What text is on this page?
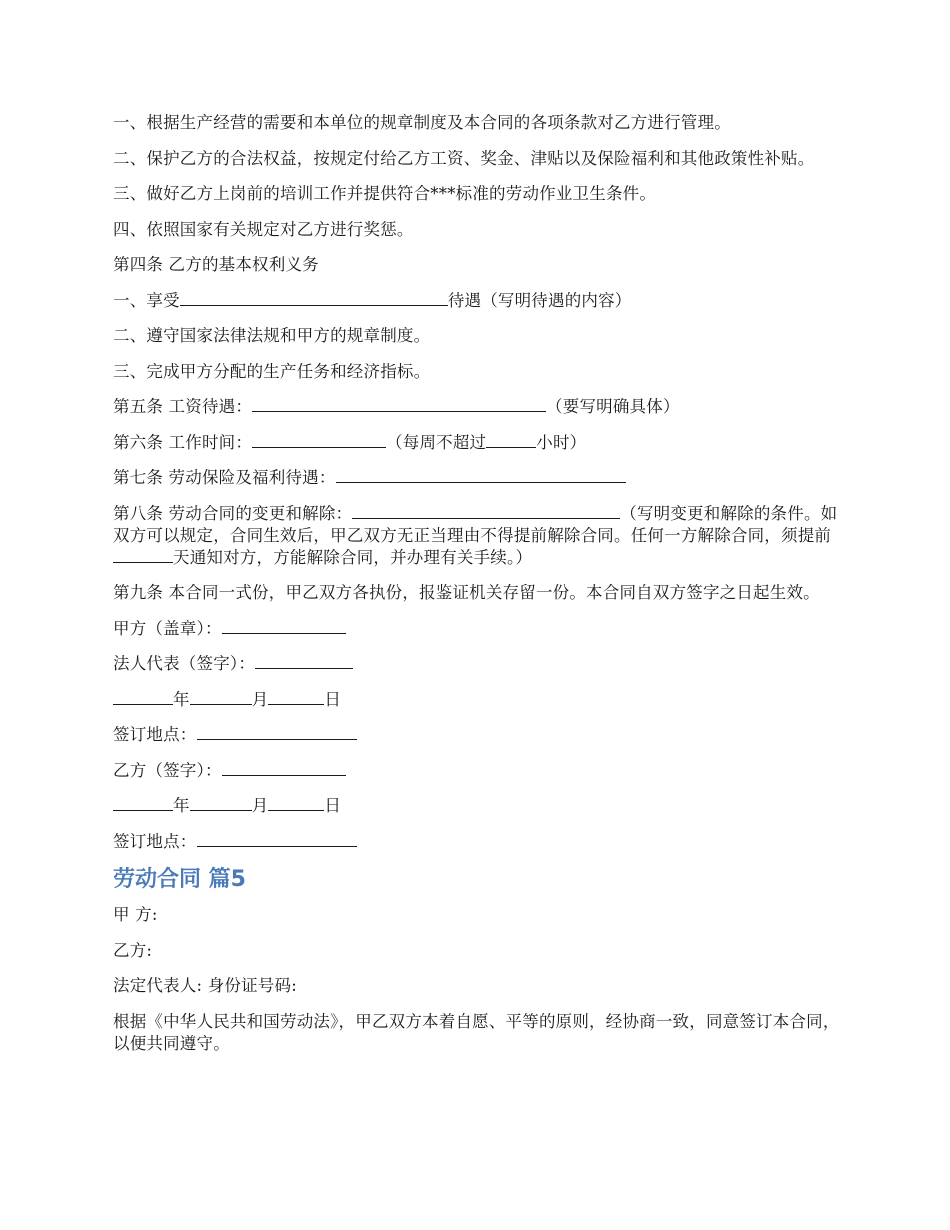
一、根据生产经营的需要和本单位的规章制度及本合同的各项条款对乙方进行管理。

二、保护乙方的合法权益，按规定付给乙方工资、奖金、津贴以及保险福利和其他政策性补贴。

三、做好乙方上岗前的培训工作并提供符合***标准的劳动作业卫生条件。

四、依照国家有关规定对乙方进行奖惩。

第四条 乙方的基本权利义务

一、享受	待遇（写明待遇的内容）

二、遵守国家法律法规和甲方的规章制度。

三、完成甲方分配的生产任务和经济指标。

第五条 工资待遇：	（要写明确具体）

第六条 工作时间：	（每周不超过	小时）

第七条 劳动保险及福利待遇：

第八条 劳动合同的变更和解除：	（写明变更和解除的条件。如双方可以规定，合同生效后，甲乙双方无正当理由不得提前解除合同。任何一方解除合同，须提前天通知对方，方能解除合同，并办理有关手续。）

第九条 本合同一式份，甲乙双方各执份，报鉴证机关存留一份。本合同自双方签字之日起生效。

甲方（盖章）：

法人代表（签字）：

年	月	日

签订地点：

乙方（签字）：

年	月	日

签订地点：

劳动合同 篇5

甲 方:

乙方:

法定代表人: 身份证号码:

根据《中华人民共和国劳动法》，甲乙双方本着自愿、平等的原则，经协商一致，同意签订本合同，以便共同遵守。
